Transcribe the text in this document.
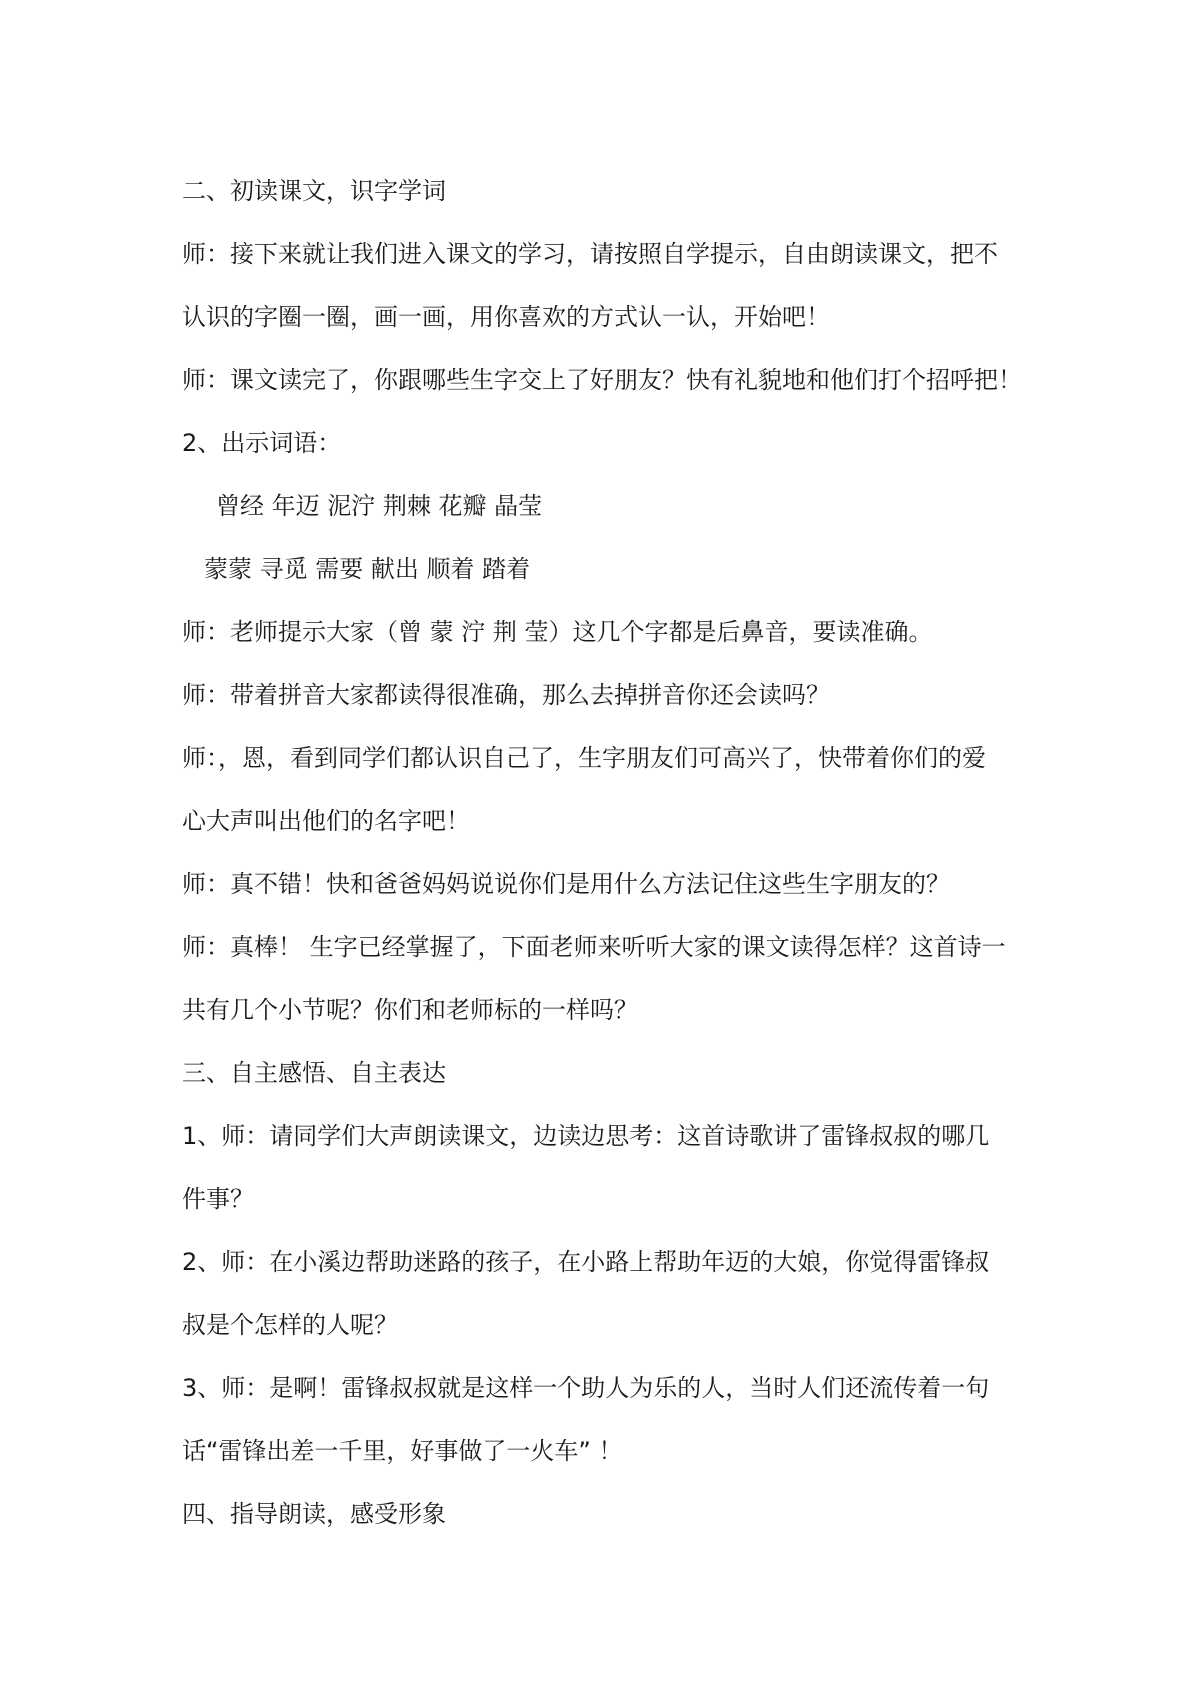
二、初读课文，识字学词
师：接下来就让我们进入课文的学习，请按照自学提示，自由朗读课文，把不
认识的字圈一圈，画一画，用你喜欢的方式认一认，开始吧！
师：课文读完了，你跟哪些生字交上了好朋友？快有礼貌地和他们打个招呼把！
2、出示词语：
曾经 年迈 泥泞 荆棘 花瓣 晶莹
蒙蒙 寻觅 需要 献出 顺着 踏着
师：老师提示大家（曾 蒙 泞 荆 莹）这几个字都是后鼻音，要读准确。
师：带着拼音大家都读得很准确，那么去掉拼音你还会读吗？
师：，恩，看到同学们都认识自己了，生字朋友们可高兴了，快带着你们的爱
心大声叫出他们的名字吧！
师：真不错！快和爸爸妈妈说说你们是用什么方法记住这些生字朋友的？
师：真棒！ 生字已经掌握了，下面老师来听听大家的课文读得怎样？这首诗一
共有几个小节呢？你们和老师标的一样吗？
三、自主感悟、自主表达
1、师：请同学们大声朗读课文，边读边思考：这首诗歌讲了雷锋叔叔的哪几
件事？
2、师：在小溪边帮助迷路的孩子，在小路上帮助年迈的大娘，你觉得雷锋叔
叔是个怎样的人呢？
3、师：是啊！雷锋叔叔就是这样一个助人为乐的人，当时人们还流传着一句
话“雷锋出差一千里，好事做了一火车” ！
四、指导朗读，感受形象
